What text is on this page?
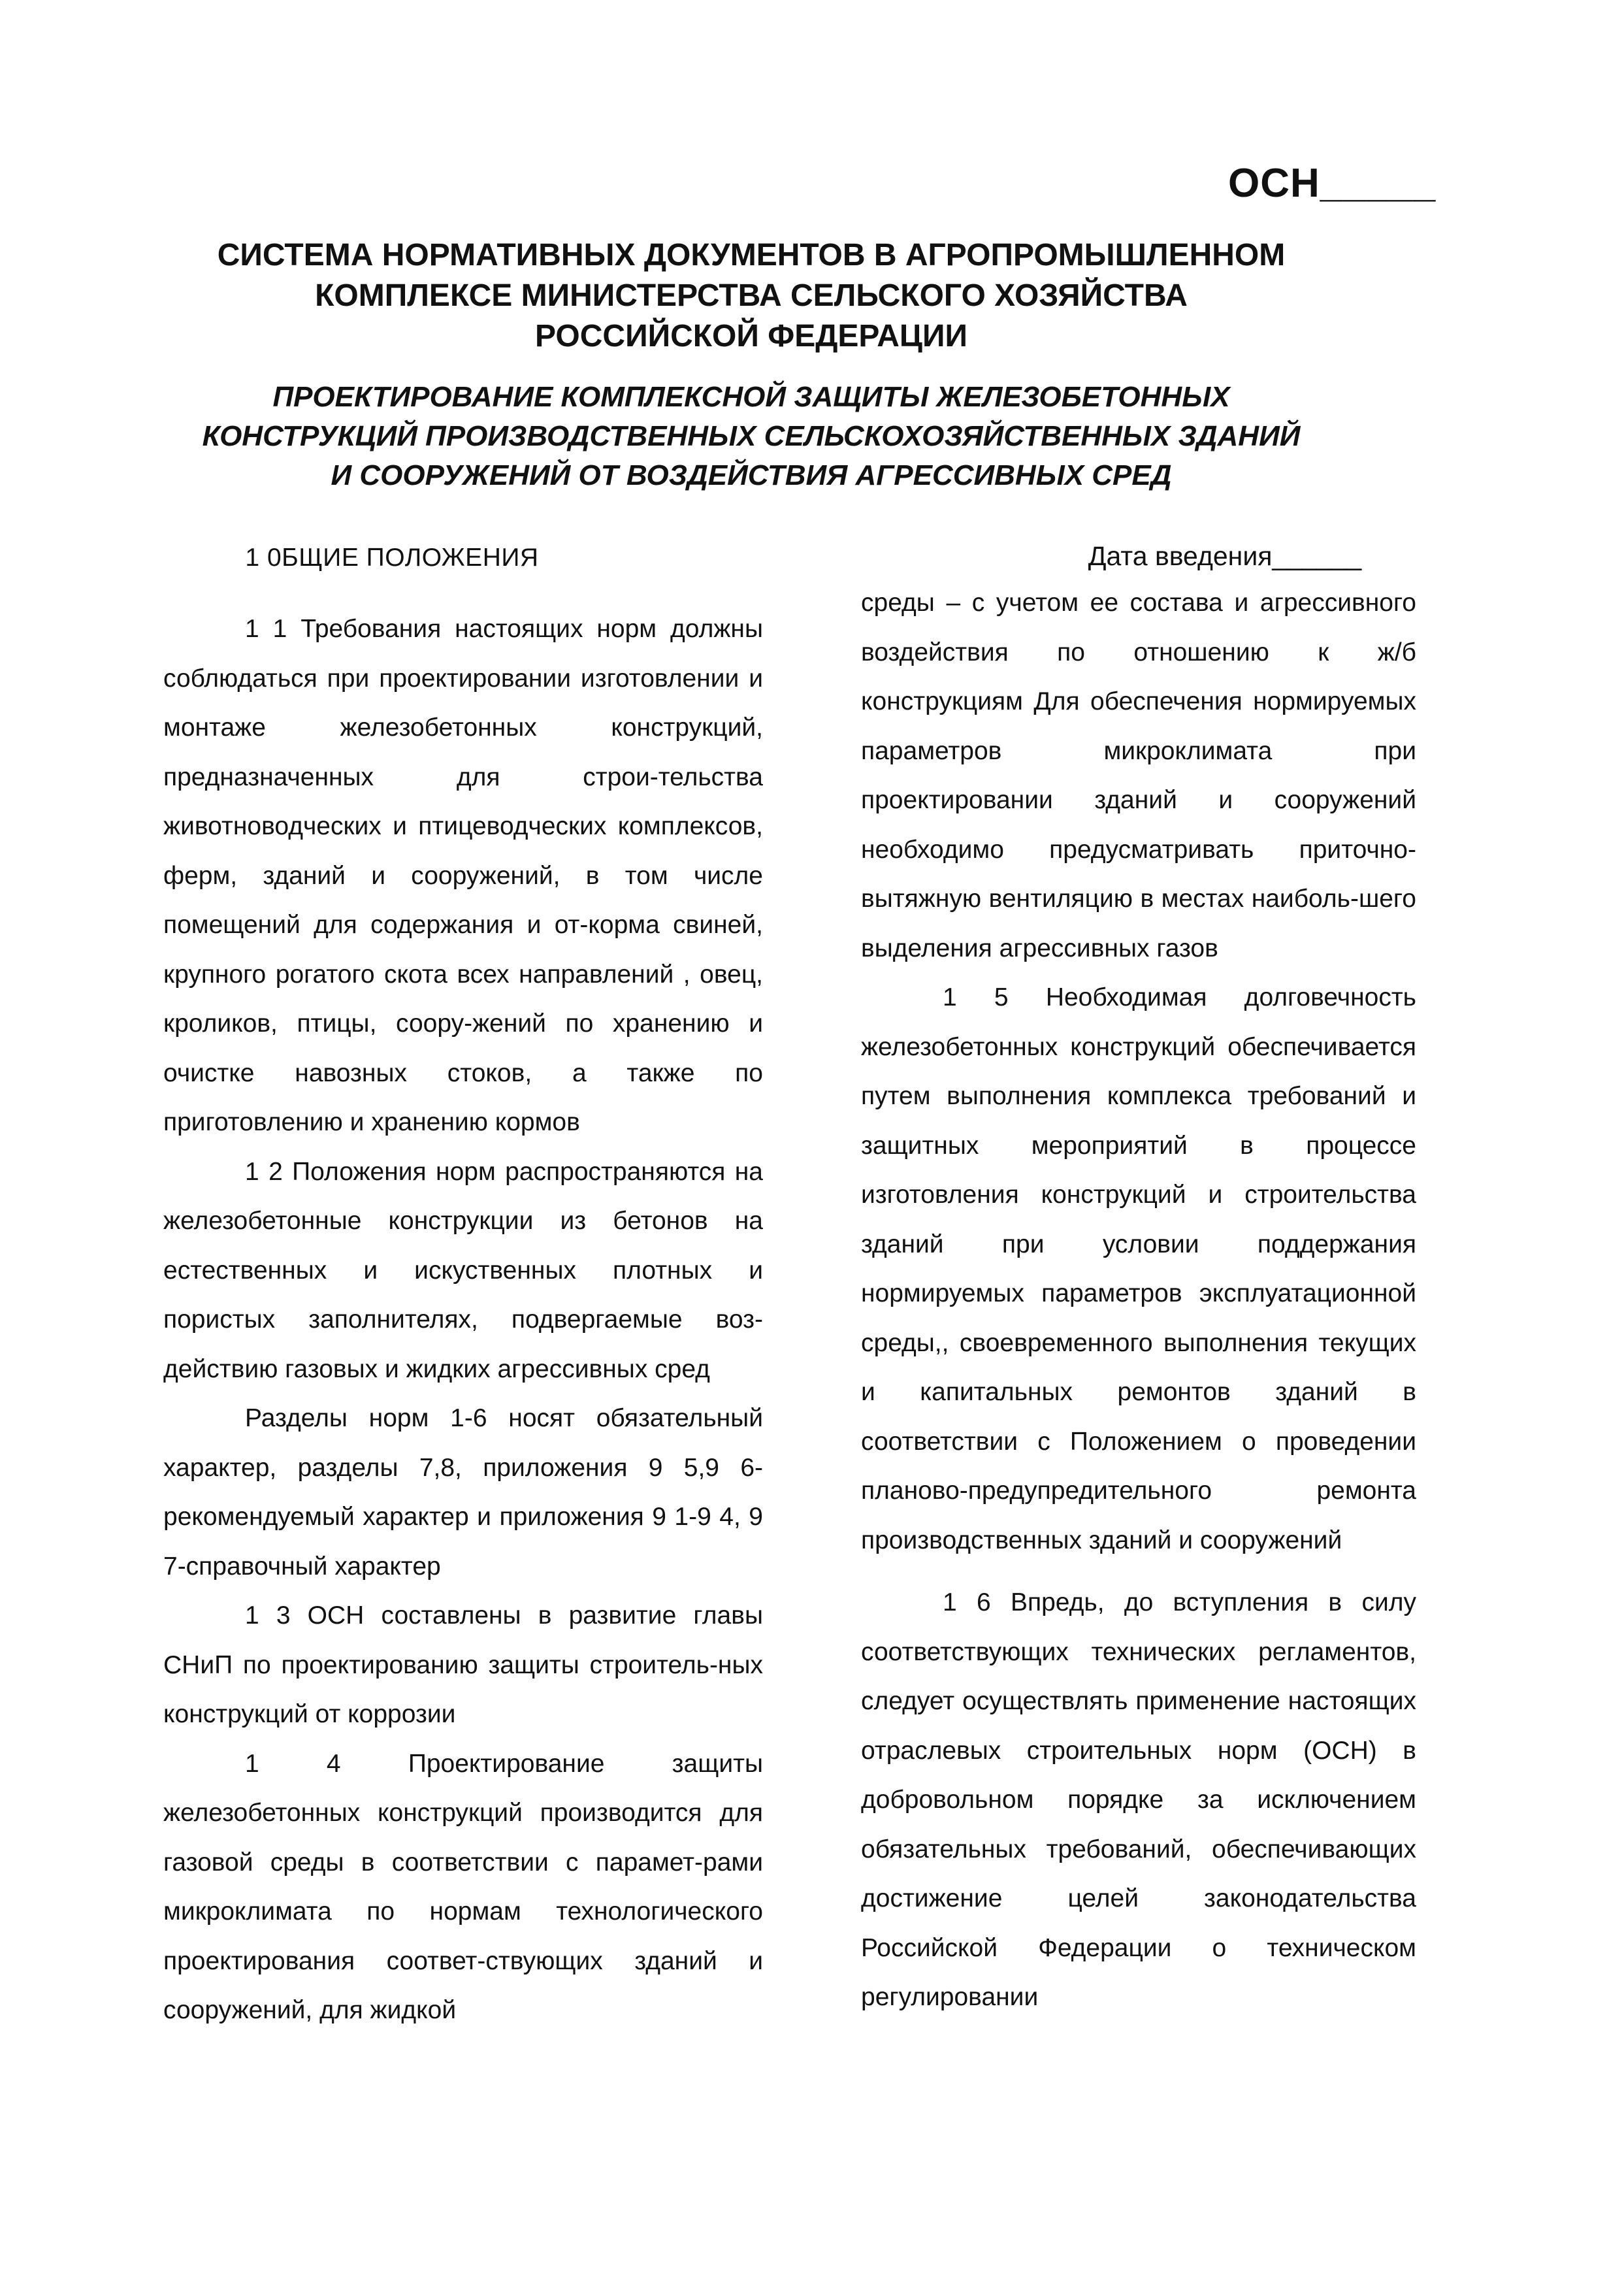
ОСН_____
СИСТЕМА НОРМАТИВНЫХ ДОКУМЕНТОВ В АГРОПРОМЫШЛЕННОМ
КОМПЛЕКСЕ МИНИСТЕРСТВА СЕЛЬСКОГО ХОЗЯЙСТВА
РОССИЙСКОЙ ФЕДЕРАЦИИ
ПРОЕКТИРОВАНИЕ КОМПЛЕКСНОЙ ЗАЩИТЫ ЖЕЛЕЗОБЕТОННЫХ
КОНСТРУКЦИЙ ПРОИЗВОДСТВЕННЫХ СЕЛЬСКОХОЗЯЙСТВЕННЫХ ЗДАНИЙ
И СООРУЖЕНИЙ ОТ ВОЗДЕЙСТВИЯ АГРЕССИВНЫХ СРЕД
1 0БЩИЕ ПОЛОЖЕНИЯ	Дата введения______

1 1 Требования настоящих норм должны соблюдаться при проектировании изготовлении и монтаже железобетонных конструкций, предназначенных для строи-тельства животноводческих и птицеводческих комплексов, ферм, зданий и сооружений, в том числе помещений для содержания и от-корма свиней, крупного рогатого скота всех направлений , овец, кроликов, птицы, соору-жений по хранению и очистке навозных стоков, а также по приготовлению и хранению кормов

1 2 Положения норм распространяются на железобетонные конструкции из бетонов на естественных и искуственных плотных и пористых заполнителях, подвергаемые воз-действию газовых и жидких агрессивных сред

Разделы норм 1-6 носят обязательный характер, разделы 7,8, приложения 9 5,9 6-рекомендуемый характер и приложения 9 1-9 4, 9 7-справочный характер

1 3 ОСН составлены в развитие главы СНиП по проектированию защиты строитель-ных конструкций от коррозии

1 4 Проектирование защиты железобетонных конструкций производится для газовой среды в соответствии с парамет-рами микроклимата по нормам технологического проектирования соответ-ствующих зданий и сооружений, для жидкой

среды – с учетом ее состава и агрессивного воздействия по отношению к ж/б конструкциям Для обеспечения нормируемых параметров микроклимата при проектировании зданий и сооружений необходимо предусматривать приточно-вытяжную вентиляцию в местах наиболь-шего выделения агрессивных газов

1 5 Необходимая долговечность железобетонных конструкций обеспечивается путем выполнения комплекса требований и защитных мероприятий в процессе изготовления конструкций и строительства зданий при условии поддержания нормируемых параметров эксплуатационной среды,, своевременного выполнения текущих и капитальных ремонтов зданий в соответствии с Положением о проведении планово-предупредительного ремонта производственных зданий и сооружений

1 6 Впредь, до вступления в силу соответствующих технических регламентов, следует осуществлять применение настоящих отраслевых строительных норм (ОСН) в добровольном порядке за исключением обязательных требований, обеспечивающих достижение целей законодательства Российской Федерации о техническом регулировании
